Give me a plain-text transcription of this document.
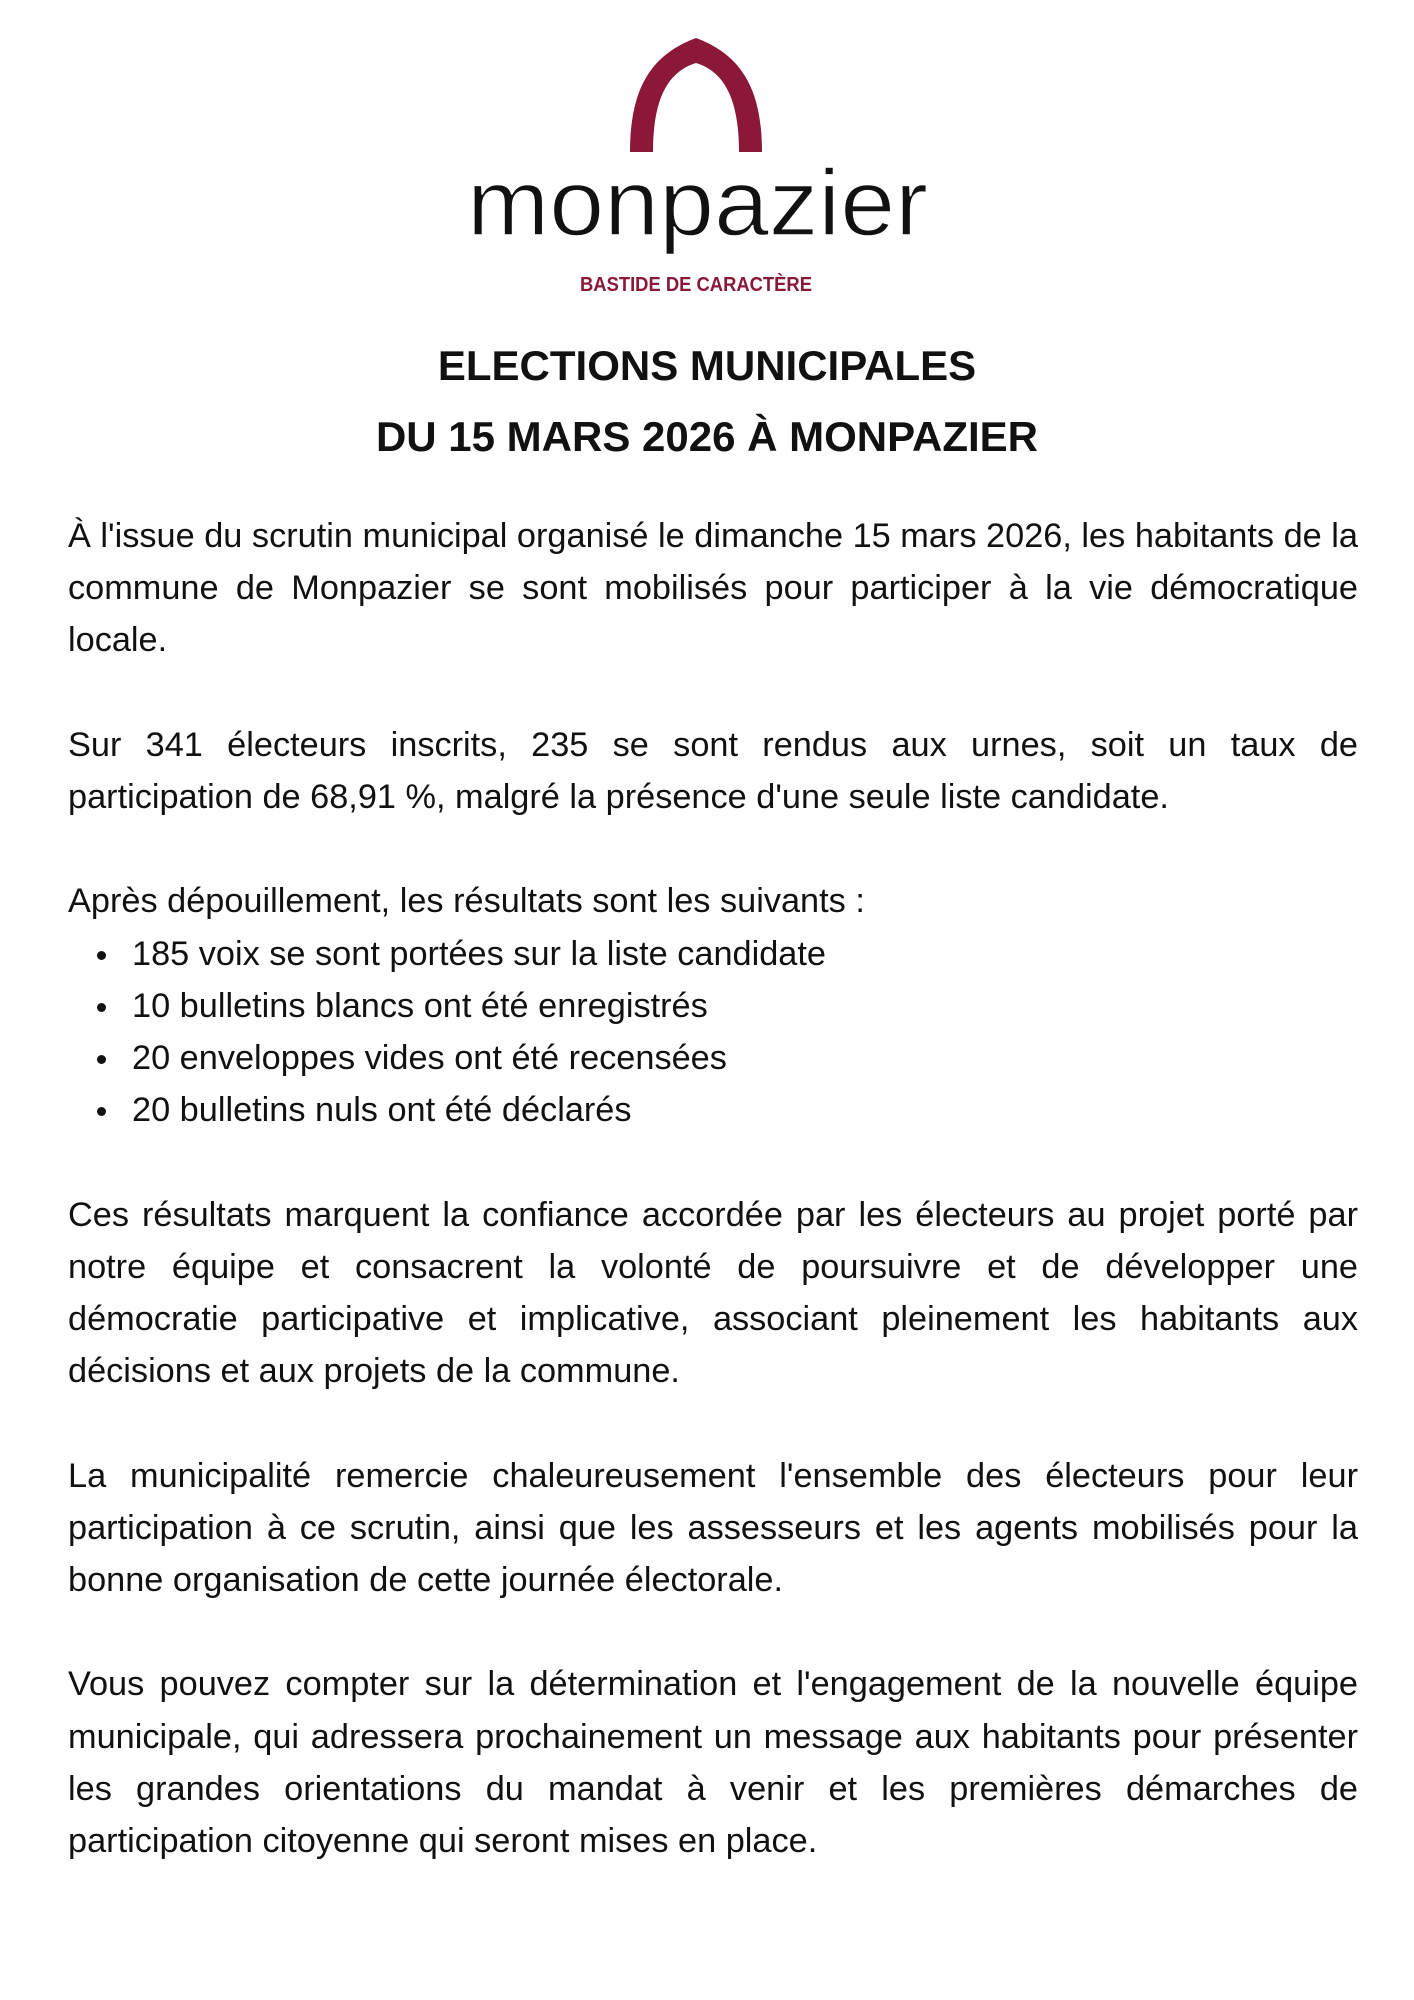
monpazier
BASTIDE DE CARACTÈRE
ELECTIONS MUNICIPALES
DU 15 MARS 2026 À MONPAZIER

À l'issue du scrutin municipal organisé le dimanche 15 mars 2026, les habitants de la commune de Monpazier se sont mobilisés pour participer à la vie démocratique locale.

Sur 341 électeurs inscrits, 235 se sont rendus aux urnes, soit un taux de participation de 68,91 %, malgré la présence d'une seule liste candidate.

Après dépouillement, les résultats sont les suivants :

185 voix se sont portées sur la liste candidate
10 bulletins blancs ont été enregistrés
20 enveloppes vides ont été recensées
20 bulletins nuls ont été déclarés

Ces résultats marquent la confiance accordée par les électeurs au projet porté par notre équipe et consacrent la volonté de poursuivre et de développer une démocratie participative et implicative, associant pleinement les habitants aux décisions et aux projets de la commune.

La municipalité remercie chaleureusement l'ensemble des électeurs pour leur participation à ce scrutin, ainsi que les assesseurs et les agents mobilisés pour la bonne organisation de cette journée électorale.

Vous pouvez compter sur la détermination et l'engagement de la nouvelle équipe municipale, qui adressera prochainement un message aux habitants pour présenter les grandes orientations du mandat à venir et les premières démarches de participation citoyenne qui seront mises en place.
